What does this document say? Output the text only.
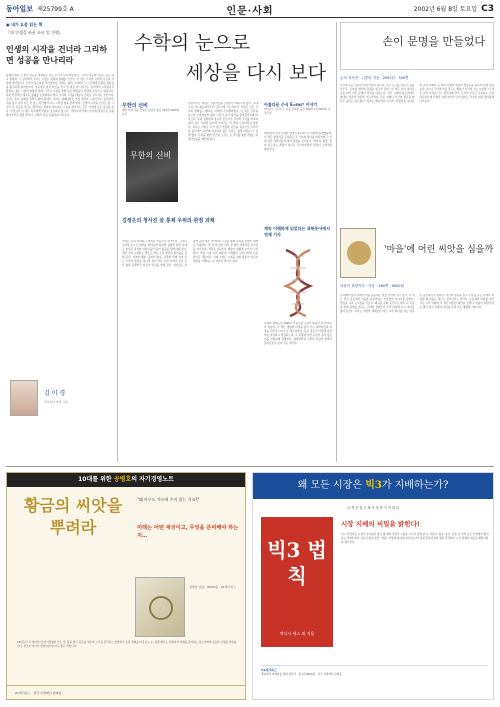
동아일보 제25799호 A	인문·사회	2002년 6월 8일 토요일 C3
▣ 내가 요즘 읽는 책
『네 인생을 바꿀 소년 일 진행』
인생의 시작을 건너라 그리하면 성공을 만나리라
평생에 걸쳐 단 한번 성공을 경험하는 것은 우리 모두의 바람이다. 그러나 성공에 이르는 길은 멀고 험하며, 그 길목에서 우리는 수많은 좌절과 실패를 만난다. 이 책은 그러한 시련의 순간을 어떻게 받아들이고 건너야 하는지를 이야기한다. 저자는 삶의 고비마다 스스로에게 던졌던 질문들을 솔직하게 털어놓으며, 성공이란 결국 자신을 믿고 한 걸음 더 나아가는 용기에서 시작된다고 말한다. 젊은 시절의 방황과 실패, 그리고 그것을 통해 얻은 깨달음이 담담한 문장으로 펼쳐진다. 특히 인상적인 대목은 실패를 두려워하지 말고 오히려 그것을 배움의 기회로 삼으라는 조언이다. 우리는 흔히 실패를 감추고 싶어 하지만, 저자는 실패야말로 가장 정직한 스승이라고 강조한다. 책을 덮고 나면 지금 서 있는 자리에서 다시 시작할 힘을 얻게 된다. 인생의 시작을 건너는 법, 그것이 곧 성공을 만나는 법이라는 저자의 메시지는 오늘을 살아가는 모든 이에게 깊은 울림을 준다. 무엇보다 이 책은 독자에게 정답을 강요하지 않는다. 각자의 자리에서 각자의 방식으로 길을 찾아가라고 권할 뿐이다. 그래서 더욱 진솔하게 다가온다.
김 이 경
한국외국어대 교수
수학의 눈으로
세상을 다시 보다
무한의 신비
애머 악젤 지음 신현용 승영조 옮김 320쪽 9000원 승산
무한의 신비
무한이라는 개념은 수학자들을 오랫동안 매혹시켜 왔다. 고대 그리스의 제논에서부터 칸토어에 이르기까지, 무한은 인간 사고의 한계를 시험하는 거대한 수수께끼였다. 이 책은 무한을 탐구한 수학자들의 삶과 그들이 남긴 업적을 흥미진진하게 따라간다. 특히 집합론의 창시자 칸토어가 무한의 크기를 비교하려다 겪은 고뇌와 광기의 이야기는 한 편의 드라마처럼 읽힌다. 저자는 어려운 수식 대신 인물과 사건을 중심으로 이야기를 풀어내어 수학에 익숙하지 않은 독자도 쉽게 따라갈 수 있게 했다. 무한을 향한 인간의 도전은 곧 진리를 향한 끝없는 여정이었음을 깨닫게 된다.
아름다운 수식 E=mc² 이야기
데이비드 보더니스 지음 김희봉 옮김 360쪽 1만2000원 웅진닷컴
세상에서 가장 유명한 방정식 E=mc²은 어떻게 탄생했을까. 이 책은 방정식을 구성하는 각 기호의 역사를 따라가며 그 안에 담긴 과학자들의 땀과 열정을 보여준다. 에너지, 질량, 빛의 속도라는 개념이 하나로 모이기까지의 과정이 소설처럼 펼쳐진다.
김정은의 청사진 살 통제 우위의 관점 과제
수학은 흔히 딱딱하고 어려운 학문으로 여겨진다. 그러나 수학의 눈으로 세상을 바라보면 일상의 평범한 현상 속에도 놀라운 질서와 아름다움이 숨어 있음을 발견하게 된다. 이번 주에 소개하는 책들은 바로 그런 발견의 즐거움을 전해 준다. 자연의 패턴, 음악의 화음, 건축의 비례 속에 깃든 수학적 원리를 하나씩 짚어 가다 보면 수학이 결코 우리 삶과 동떨어진 학문이 아님을 알게 된다. 저자들은 복잡한 증명 대신 이야기와 그림을 통해 독자를 수학의 세계로 안내한다. 한 권 한 권이 마치 잘 짜인 퍼즐처럼 호기심을 자극하며, 책장을 넘길수록 세상이 새롭게 보이기 시작한다. 학창 시절 수학 때문에 고생했던 사람이라면 더욱 반가운 책들이다. 이제 수학은 시험을 위한 과목이 아니라 세상을 이해하는 또 하나의 언어가 된다.
계속 이해하게 되었다는 과학동아에서 연재 기사
인체의 설계도인 DNA의 이중나선 구조가 밝혀진 지 반세기가 지났다. 이 책은 생명의 비밀을 풀어 가는 과학자들의 여정을 수학적 시선으로 재구성한다. 유전 정보가 어떻게 암호처럼 저장되고 전달되는지, 그 과정에 어떤 규칙이 숨어 있는지를 친절하게 설명한다. 생명과학과 수학의 만남이 얼마나 흥미로운지 보여 주는 책이다.
손이 문명을 만들었다
손의 자서전 · 니콜라 지음 · 2002년 · 340쪽
인간의 손은 단순한 신체 기관이 아니다. 손은 도구를 만들고, 불을 다루고, 글자를 새기며 문명을 일구어 왔다. 이 책은 손이 걸어온 길을 따라 인류 문명의 역사를 되짚는다. 석기 시대의 돌도끼에서 현대의 컴퓨터 자판에 이르기까지, 손은 언제나 인간의 생각을 현실로 옮기는 통로였다. 저자는 해부학과 고고학, 인류학을 넘나들며 손의 진화가 곧 뇌의 진화와 맞물려 있었음을 설득력 있게 보여 준다. 손으로 무엇인가를 만드는 행위가 사라져 가는 오늘날, 이 책은 손의 가치를 다시 생각하게 한다. 우리가 무심코 사용하는 손끝 하나하나에 수백만 년의 역사가 담겨 있다는 사실이 새삼 경이롭게 다가온다.
'마을'에 어린 씨앗을 심을까
마을이 희망이다 · 지음 · 280쪽 · 9000원
도시화의 물결 속에서 마을 공동체는 점점 사라져 가고 있다. 이 책은 전국 곳곳에서 마을을 되살리려는 사람들의 이야기를 담았다. 빈집을 고쳐 도서관을 만들고, 폐교를 문화 공간으로 바꾸고, 이웃과 함께 텃밭을 일구는 소박한 실천들이 모여 마을에 다시 생기를 불어넣는다. 저자는 거창한 계획보다 작은 씨앗 하나를 심는 마음이 중요하다고 말한다. 서로의 얼굴을 알고 안부를 묻는 관계가 회복될 때 마을은 비로소 살아난다는 것이다. 공동체의 의미를 잃어 가는 우리 사회에 이 책은 따뜻한 제안을 건넨다. 마을이 희망이라는 말이 결코 과장이 아님을 보여 주는 생생한 기록이다.
10대를 위한 공병호의 자기경영노트
황금의 씨앗을 뿌려라
"왜 아무도 가르쳐 주지 않는 거죠?"
미래는 어떤 세상이고, 무엇을 준비해야 하는지…
공병호 지음 · 8500원 · 21세기북스
10대들이 꼭 알아야 할 자기경영의 모든 것. 꿈을 찾고 목표를 세우며 시간을 관리하는 방법부터 돈과 경제를 바라보는 눈, 평생 배우는 자세까지 미래를 준비하는 청소년에게 필요한 지혜를 담았습니다. 부모와 자녀가 함께 읽으면 더욱 좋은 책입니다.
21세기북스 · 전국 서점에서 판매중
왜 모든 시장은 빅3가 지배하는가?
고 객 은 결 국 세 가 지 만 기 억 한 다
빅3 법칙
잭디시 세스 외 지음
시장 지배의 비밀을 밝힌다!
어느 산업이든 시장이 성숙하면 결국 세 개의 기업이 시장을 나누어 갖게 된다. 자동차, 항공, 통신, 유통 등 거의 모든 산업에서 확인되는 빅3의 법칙. 1등이 되지 못한 기업은 어떻게 살아남아야 하는가? 틈새 전문기업의 생존 전략까지 시장 경쟁의 새로운 패러다임을 제시한다.
21세기북스
경영자와 마케터를 위한 필독서 · 값 1만3000원 · 전국 서점에서 판매중
